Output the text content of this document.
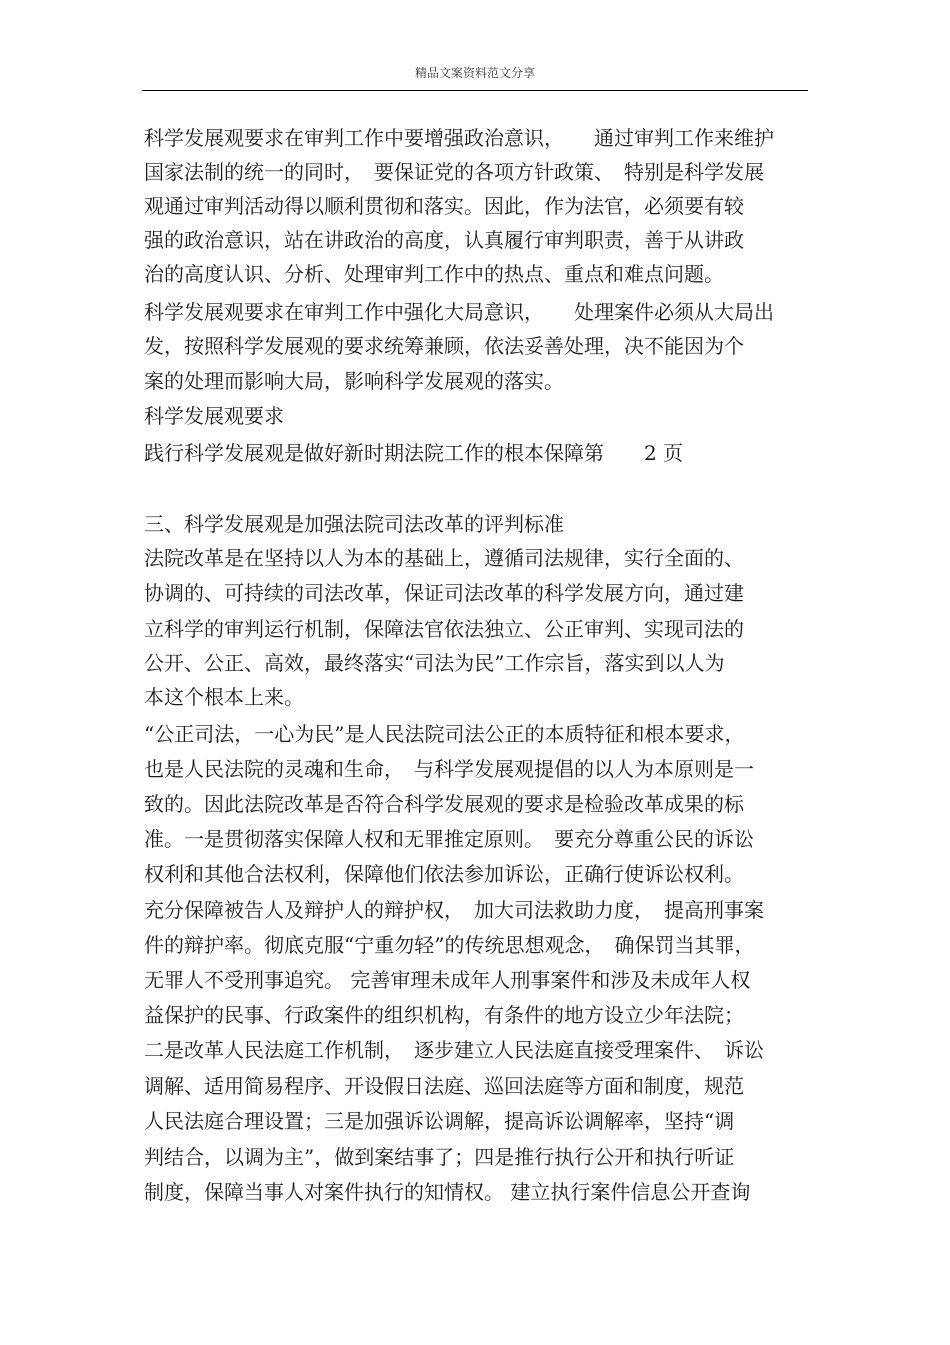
精品文案资料范文分享
科学发展观要求在审判工作中要增强政治意识，　　通过审判工作来维护
国家法制的统一的同时，　要保证党的各项方针政策、　特别是科学发展
观通过审判活动得以顺利贯彻和落实。因此，作为法官，必须要有较
强的政治意识，站在讲政治的高度，认真履行审判职责，善于从讲政
治的高度认识、分析、处理审判工作中的热点、重点和难点问题。
科学发展观要求在审判工作中强化大局意识，　　处理案件必须从大局出
发，按照科学发展观的要求统筹兼顾，依法妥善处理，决不能因为个
案的处理而影响大局，影响科学发展观的落实。
科学发展观要求
践行科学发展观是做好新时期法院工作的根本保障第　　2 页
三、科学发展观是加强法院司法改革的评判标准
法院改革是在坚持以人为本的基础上，遵循司法规律，实行全面的、
协调的、可持续的司法改革，保证司法改革的科学发展方向，通过建
立科学的审判运行机制，保障法官依法独立、公正审判、实现司法的
公开、公正、高效，最终落实“司法为民”工作宗旨，落实到以人为
本这个根本上来。
“公正司法，一心为民”是人民法院司法公正的本质特征和根本要求，
也是人民法院的灵魂和生命，　与科学发展观提倡的以人为本原则是一
致的。因此法院改革是否符合科学发展观的要求是检验改革成果的标
准。一是贯彻落实保障人权和无罪推定原则。　要充分尊重公民的诉讼
权利和其他合法权利，保障他们依法参加诉讼，正确行使诉讼权利。
充分保障被告人及辩护人的辩护权，　加大司法救助力度，　提高刑事案
件的辩护率。彻底克服“宁重勿轻”的传统思想观念，　确保罚当其罪，
无罪人不受刑事追究。 完善审理未成年人刑事案件和涉及未成年人权
益保护的民事、行政案件的组织机构，有条件的地方设立少年法院；
二是改革人民法庭工作机制，　逐步建立人民法庭直接受理案件、　诉讼
调解、适用简易程序、开设假日法庭、巡回法庭等方面和制度，规范
人民法庭合理设置；三是加强诉讼调解，提高诉讼调解率，坚持“调
判结合，以调为主”，做到案结事了；四是推行执行公开和执行听证
制度，保障当事人对案件执行的知情权。 建立执行案件信息公开查询
